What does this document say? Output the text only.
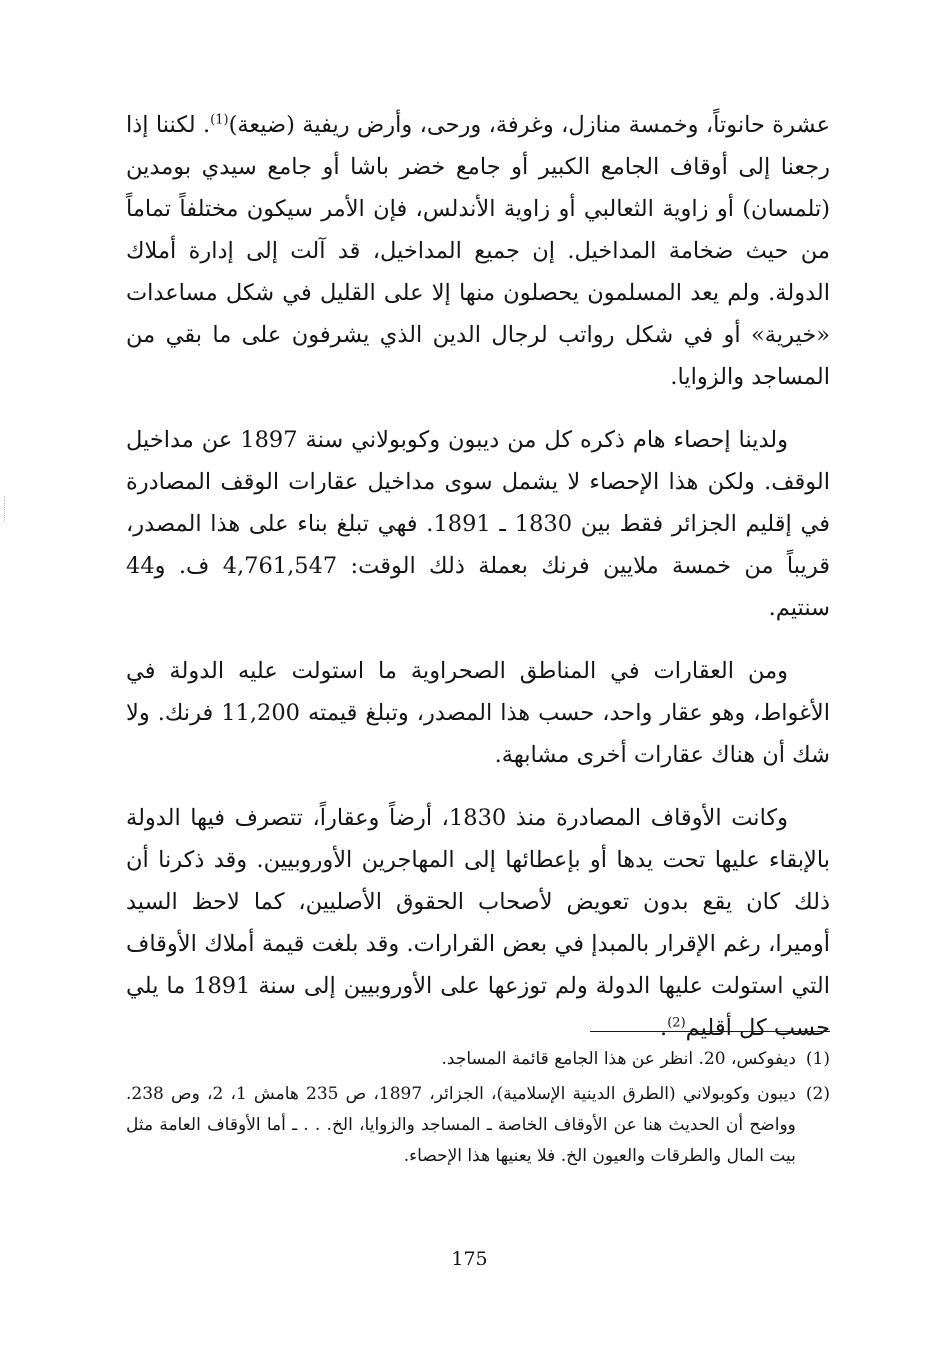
عشرة حانوتاً، وخمسة منازل، وغرفة، ورحى، وأرض ريفية (ضيعة)$^{(1)}$. لكننا إذا رجعنا إلى أوقاف الجامع الكبير أو جامع خضر باشا أو جامع سيدي بومدين (تلمسان) أو زاوية الثعالبي أو زاوية الأندلس، فإن الأمر سيكون مختلفاً تماماً من حيث ضخامة المداخيل. إن جميع المداخيل، قد آلت إلى إدارة أملاك الدولة. ولم يعد المسلمون يحصلون منها إلا على القليل في شكل مساعدات «خيرية» أو في شكل رواتب لرجال الدين الذي يشرفون على ما بقي من المساجد والزوايا.

ولدينا إحصاء هام ذكره كل من ديبون وكوبولاني سنة 1897 عن مداخيل الوقف. ولكن هذا الإحصاء لا يشمل سوى مداخيل عقارات الوقف المصادرة في إقليم الجزائر فقط بين 1830 ـ 1891. فهي تبلغ بناء على هذا المصدر، قريباً من خمسة ملايين فرنك بعملة ذلك الوقت: 4,761,547 ف. و44 سنتيم.

ومن العقارات في المناطق الصحراوية ما استولت عليه الدولة في الأغواط، وهو عقار واحد، حسب هذا المصدر، وتبلغ قيمته 11,200 فرنك. ولا شك أن هناك عقارات أخرى مشابهة.

وكانت الأوقاف المصادرة منذ 1830، أرضاً وعقاراً، تتصرف فيها الدولة بالإبقاء عليها تحت يدها أو بإعطائها إلى المهاجرين الأوروبيين. وقد ذكرنا أن ذلك كان يقع بدون تعويض لأصحاب الحقوق الأصليين، كما لاحظ السيد أوميرا، رغم الإقرار بالمبدإ في بعض القرارات. وقد بلغت قيمة أملاك الأوقاف التي استولت عليها الدولة ولم توزعها على الأوروبيين إلى سنة 1891 ما يلي حسب كل أقليم$^{(2)}$.

(1)
ديفوكس، 20. انظر عن هذا الجامع قائمة المساجد.
(2)
ديبون وكوبولاني (الطرق الدينية الإسلامية)، الجزائر، 1897، ص 235 هامش 1، 2، وص 238. وواضح أن الحديث هنا عن الأوقاف الخاصة ـ المساجد والزوايا، الخ. . . ـ أما الأوقاف العامة مثل بيت المال والطرقات والعيون الخ. فلا يعنيها هذا الإحصاء.
175
